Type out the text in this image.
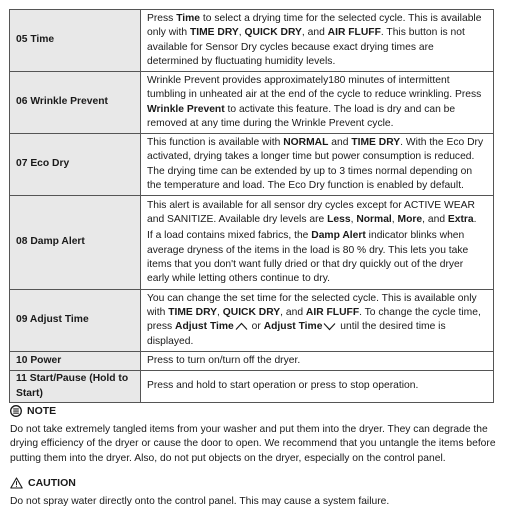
05 Time	Press Time to select a drying time for the selected cycle. This is available only with TIME DRY, QUICK DRY, and AIR FLUFF. This button is not available for Sensor Dry cycles because exact drying times are determined by fluctuating humidity levels.
06 Wrinkle Prevent	Wrinkle Prevent provides approximately180 minutes of intermittent tumbling in unheated air at the end of the cycle to reduce wrinkling. Press Wrinkle Prevent to activate this feature. The load is dry and can be removed at any time during the Wrinkle Prevent cycle.
07 Eco Dry	This function is available with NORMAL and TIME DRY. With the Eco Dry activated, drying takes a longer time but power consumption is reduced. The drying time can be extended by up to 3 times normal depending on the temperature and load. The Eco Dry function is enabled by default.
08 Damp Alert	This alert is available for all sensor dry cycles except for ACTIVE WEAR and SANITIZE. Available dry levels are Less, Normal, More, and Extra.
If a load contains mixed fabrics, the Damp Alert indicator blinks when average dryness of the items in the load is 80 % dry. This lets you take items that you don't want fully dried or that dry quickly out of the dryer early while letting others continue to dry.
09 Adjust Time	You can change the set time for the selected cycle. This is available only with TIME DRY, QUICK DRY, and AIR FLUFF. To change the cycle time, press Adjust Time
or Adjust Time
until the desired time is displayed.
10 Power	Press to turn on/turn off the dryer.
11 Start/Pause (Hold to Start)	Press and hold to start operation or press to stop operation.
NOTE

Do not take extremely tangled items from your washer and put them into the dryer. They can degrade the drying efficiency of the dryer or cause the door to open. We recommend that you untangle the items before putting them into the dryer. Also, do not put objects on the dryer, especially on the control panel.

CAUTION

Do not spray water directly onto the control panel. This may cause a system failure.
